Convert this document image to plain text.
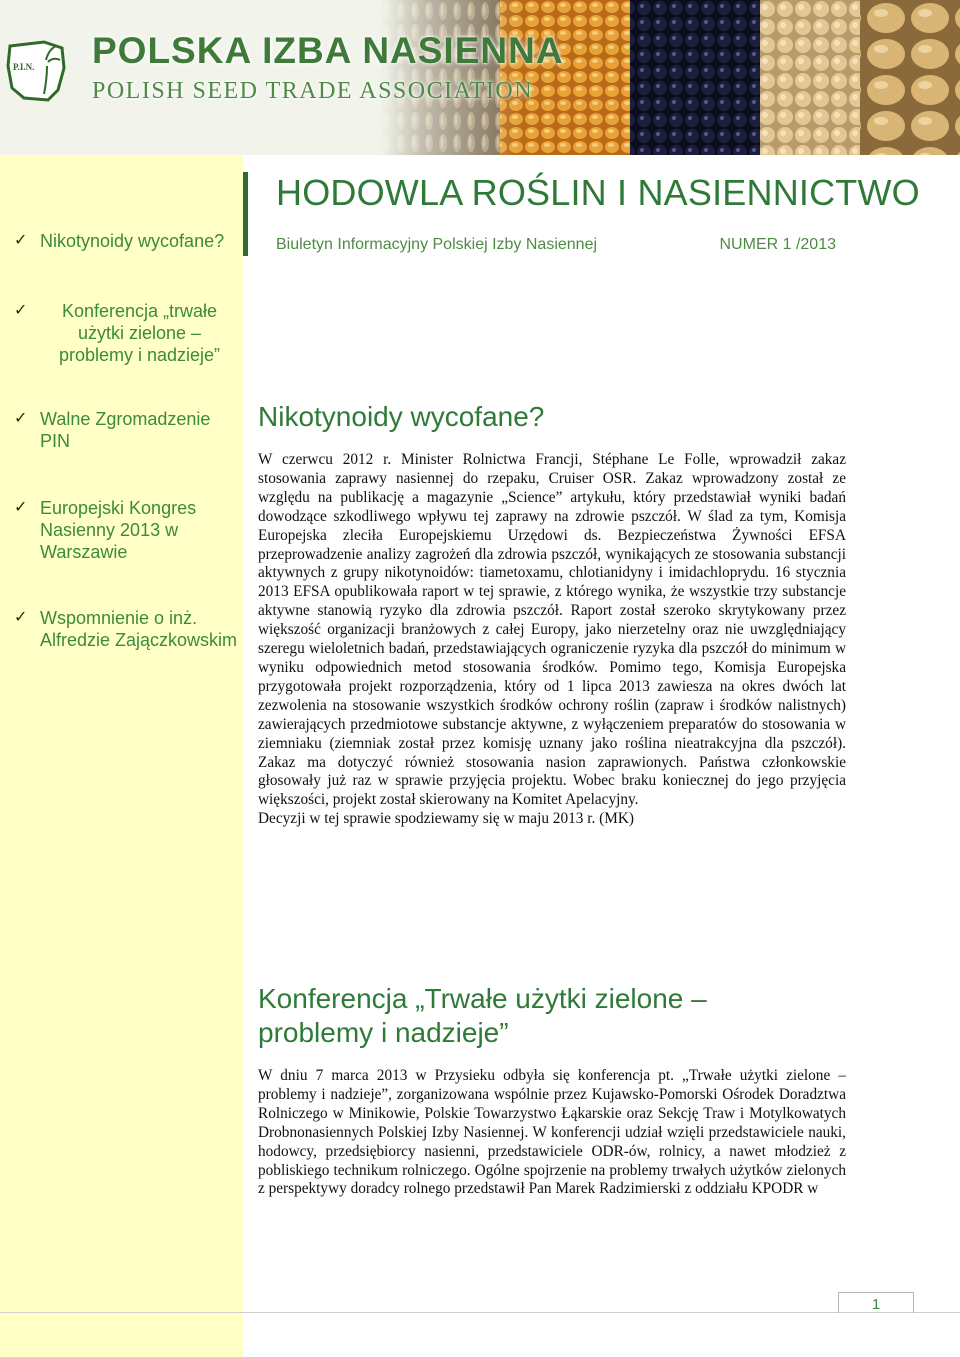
P.I.N. POLSKA IZBA NASIENNA
POLISH SEED TRADE ASSOCIATION
✓ Nikotynoidy wycofane?
✓	Konferencja „trwałe użytki zielone – problemy i nadzieje”
✓ Walne Zgromadzenie PIN
✓ Europejski Kongres Nasienny 2013 w Warszawie
✓ Wspomnienie o inż. Alfredzie Zajączkowskim
HODOWLA ROŚLIN I NASIENNICTWO
Biuletyn Informacyjny Polskiej Izby Nasiennej	NUMER 1 /2013
Nikotynoidy wycofane?

W czerwcu 2012 r. Minister Rolnictwa Francji, Stéphane Le Folle, wprowadził zakaz stosowania zaprawy nasiennej do rzepaku, Cruiser OSR. Zakaz wprowadzony został ze względu na publikację a magazynie „Science” artykułu, który przedstawiał wyniki badań dowodzące szkodliwego wpływu tej zaprawy na zdrowie pszczół. W ślad za tym, Komisja Europejska zleciła Europejskiemu Urzędowi ds. Bezpieczeństwa Żywności EFSA przeprowadzenie analizy zagrożeń dla zdrowia pszczół, wynikających ze stosowania substancji aktywnych z grupy nikotynoidów: tiametoxamu, chlotianidyny i imidachloprydu. 16 stycznia 2013 EFSA opublikowała raport w tej sprawie, z którego wynika, że wszystkie trzy substancje aktywne stanowią ryzyko dla zdrowia pszczół. Raport został szeroko skrytykowany przez większość organizacji branżowych z całej Europy, jako nierzetelny oraz nie uwzględniający szeregu wieloletnich badań, przedstawiających ograniczenie ryzyka dla pszczół do minimum w wyniku odpowiednich metod stosowania środków. Pomimo tego, Komisja Europejska przygotowała projekt rozporządzenia, który od 1 lipca 2013 zawiesza na okres dwóch lat zezwolenia na stosowanie wszystkich środków ochrony roślin (zapraw i środków nalistnych) zawierających przedmiotowe substancje aktywne, z wyłączeniem preparatów do stosowania w ziemniaku (ziemniak został przez komisję uznany jako roślina nieatrakcyjna dla pszczół). Zakaz ma dotyczyć również stosowania nasion zaprawionych. Państwa członkowskie głosowały już raz w sprawie przyjęcia projektu. Wobec braku koniecznej do jego przyjęcia większości, projekt został skierowany na Komitet Apelacyjny.

Decyzji w tej sprawie spodziewamy się w maju 2013 r. (MK)

Konferencja „Trwałe użytki zielone – problemy i nadzieje”

W dniu 7 marca 2013 w Przysieku odbyła się konferencja pt. „Trwałe użytki zielone – problemy i nadzieje”, zorganizowana wspólnie przez Kujawsko-Pomorski Ośrodek Doradztwa Rolniczego w Minikowie, Polskie Towarzystwo Łąkarskie oraz Sekcję Traw i Motylkowatych Drobnonasiennych Polskiej Izby Nasiennej. W konferencji udział wzięli przedstawiciele nauki, hodowcy, przedsiębiorcy nasienni, przedstawiciele ODR-ów, rolnicy, a nawet młodzież z pobliskiego technikum rolniczego. Ogólne spojrzenie na problemy trwałych użytków zielonych z perspektywy doradcy rolnego przedstawił Pan Marek Radzimierski z oddziału KPODR w

1
